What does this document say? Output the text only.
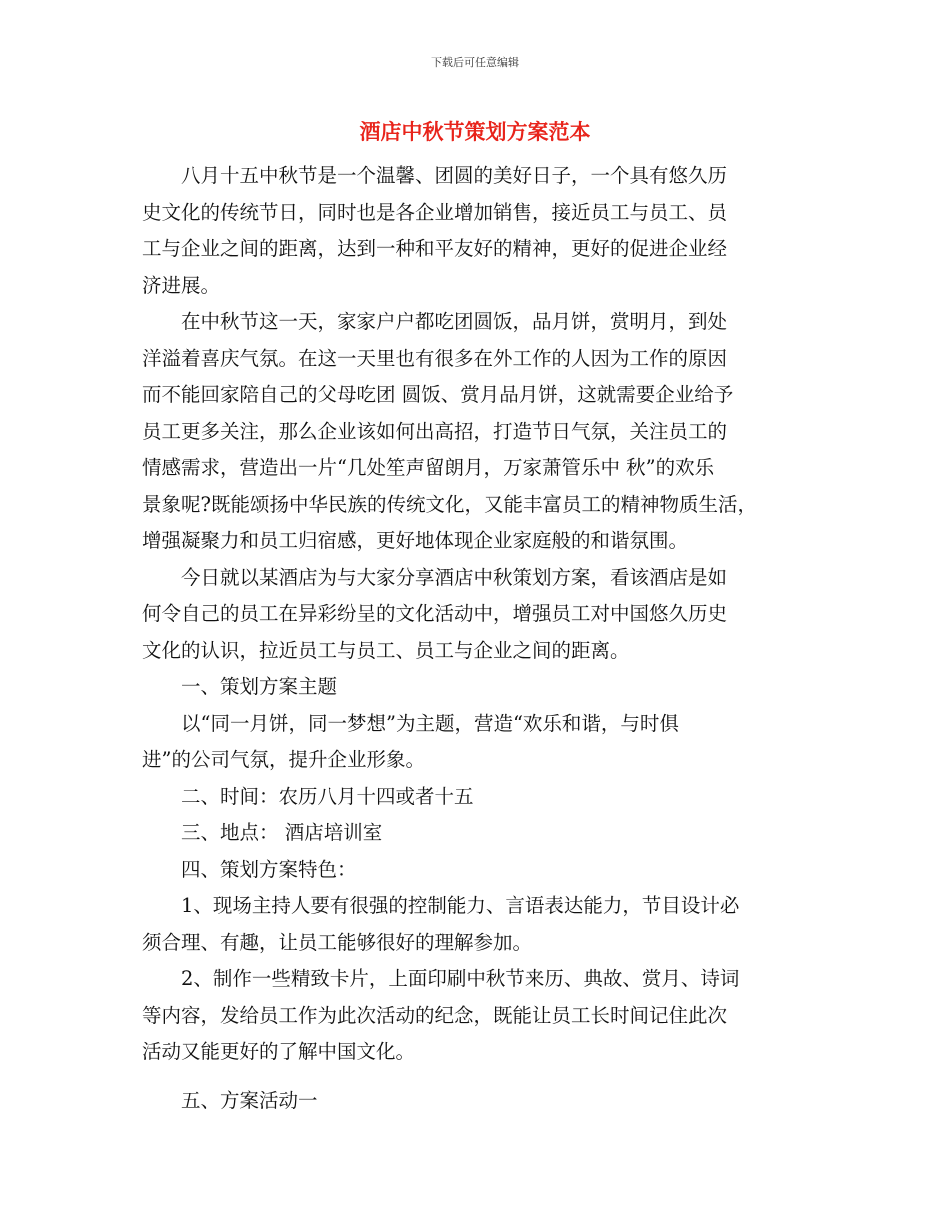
下载后可任意编辑
酒店中秋节策划方案范本

八月十五中秋节是一个温馨、团圆的美好日子，一个具有悠久历
史文化的传统节日，同时也是各企业增加销售，接近员工与员工、员
工与企业之间的距离，达到一种和平友好的精神，更好的促进企业经
济进展。

在中秋节这一天，家家户户都吃团圆饭，品月饼，赏明月，到处
洋溢着喜庆气氛。在这一天里也有很多在外工作的人因为工作的原因
而不能回家陪自己的父母吃团 圆饭、赏月品月饼，这就需要企业给予
员工更多关注，那么企业该如何出高招，打造节日气氛，关注员工的
情感需求，营造出一片“几处笙声留朗月，万家萧管乐中 秋”的欢乐
景象呢?既能颂扬中华民族的传统文化，又能丰富员工的精神物质生活，
增强凝聚力和员工归宿感，更好地体现企业家庭般的和谐氛围。

今日就以某酒店为与大家分享酒店中秋策划方案，看该酒店是如
何令自己的员工在异彩纷呈的文化活动中，增强员工对中国悠久历史
文化的认识，拉近员工与员工、员工与企业之间的距离。

一、策划方案主题

以“同一月饼，同一梦想”为主题，营造“欢乐和谐，与时俱
进”的公司气氛，提升企业形象。

二、时间：农历八月十四或者十五

三、地点： 酒店培训室

四、策划方案特色：

1、现场主持人要有很强的控制能力、言语表达能力，节目设计必
须合理、有趣，让员工能够很好的理解参加。

2、制作一些精致卡片，上面印刷中秋节来历、典故、赏月、诗词
等内容，发给员工作为此次活动的纪念，既能让员工长时间记住此次
活动又能更好的了解中国文化。

五、方案活动一
